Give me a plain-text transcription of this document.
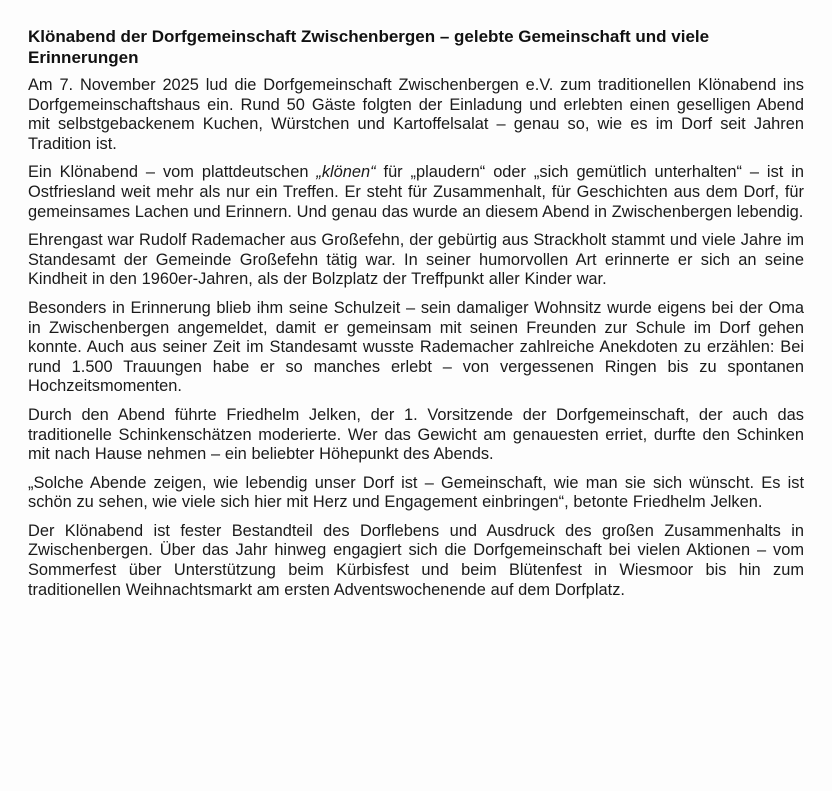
Klönabend der Dorfgemeinschaft Zwischenbergen – gelebte Gemeinschaft und viele Erinnerungen

Am 7. November 2025 lud die Dorfgemeinschaft Zwischenbergen e.V. zum traditionellen Klönabend ins Dorfgemeinschaftshaus ein. Rund 50 Gäste folgten der Einladung und erlebten einen geselligen Abend mit selbstgebackenem Kuchen, Würstchen und Kartoffelsalat – genau so, wie es im Dorf seit Jahren Tradition ist.

Ein Klönabend – vom plattdeutschen „klönen“ für „plaudern“ oder „sich gemütlich unterhalten“ – ist in Ostfriesland weit mehr als nur ein Treffen. Er steht für Zusammenhalt, für Geschichten aus dem Dorf, für gemeinsames Lachen und Erinnern. Und genau das wurde an diesem Abend in Zwischenbergen lebendig.

Ehrengast war Rudolf Rademacher aus Großefehn, der gebürtig aus Strackholt stammt und viele Jahre im Standesamt der Gemeinde Großefehn tätig war. In seiner humorvollen Art erinnerte er sich an seine Kindheit in den 1960er-Jahren, als der Bolzplatz der Treffpunkt aller Kinder war.

Besonders in Erinnerung blieb ihm seine Schulzeit – sein damaliger Wohnsitz wurde eigens bei der Oma in Zwischenbergen angemeldet, damit er gemeinsam mit seinen Freunden zur Schule im Dorf gehen konnte. Auch aus seiner Zeit im Standesamt wusste Rademacher zahlreiche Anekdoten zu erzählen: Bei rund 1.500 Trauungen habe er so manches erlebt – von vergessenen Ringen bis zu spontanen Hochzeitsmomenten.

Durch den Abend führte Friedhelm Jelken, der 1. Vorsitzende der Dorfgemeinschaft, der auch das traditionelle Schinkenschätzen moderierte. Wer das Gewicht am genauesten erriet, durfte den Schinken mit nach Hause nehmen – ein beliebter Höhepunkt des Abends.

„Solche Abende zeigen, wie lebendig unser Dorf ist – Gemeinschaft, wie man sie sich wünscht. Es ist schön zu sehen, wie viele sich hier mit Herz und Engagement einbringen“, betonte Friedhelm Jelken.

Der Klönabend ist fester Bestandteil des Dorflebens und Ausdruck des großen Zusammenhalts in Zwischenbergen. Über das Jahr hinweg engagiert sich die Dorfgemeinschaft bei vielen Aktionen – vom Sommerfest über Unterstützung beim Kürbisfest und beim Blütenfest in Wiesmoor bis hin zum traditionellen Weihnachtsmarkt am ersten Adventswochenende auf dem Dorfplatz.
